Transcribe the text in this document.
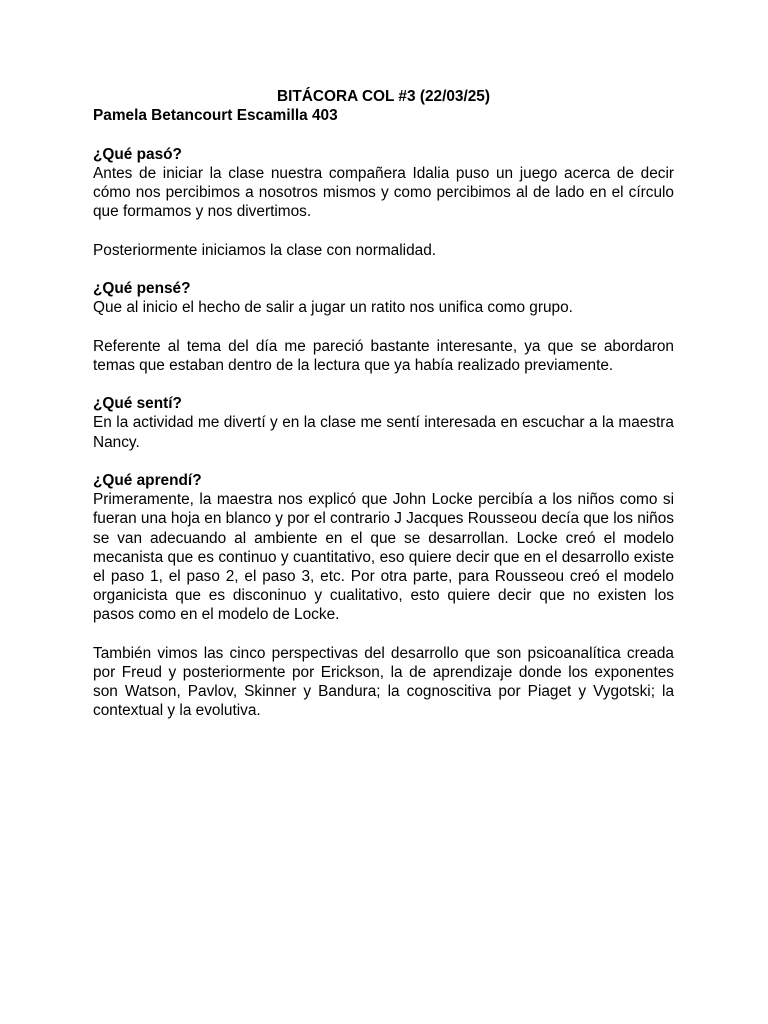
BITÁCORA COL #3 (22/03/25)
Pamela Betancourt Escamilla 403
¿Qué pasó?

Antes de iniciar la clase nuestra compañera Idalia puso un juego acerca de decir cómo nos percibimos a nosotros mismos y como percibimos al de lado en el círculo que formamos y nos divertimos.

Posteriormente iniciamos la clase con normalidad.

¿Qué pensé?

Que al inicio el hecho de salir a jugar un ratito nos unifica como grupo.

Referente al tema del día me pareció bastante interesante, ya que se abordaron temas que estaban dentro de la lectura que ya había realizado previamente.

¿Qué sentí?

En la actividad me divertí y en la clase me sentí interesada en escuchar a la maestra Nancy.

¿Qué aprendí?

Primeramente, la maestra nos explicó que John Locke percibía a los niños como si fueran una hoja en blanco y por el contrario J Jacques Rousseou decía que los niños se van adecuando al ambiente en el que se desarrollan. Locke creó el modelo mecanista que es continuo y cuantitativo, eso quiere decir que en el desarrollo existe el paso 1, el paso 2, el paso 3, etc. Por otra parte, para Rousseou creó el modelo organicista que es disconinuo y cualitativo, esto quiere decir que no existen los pasos como en el modelo de Locke.

También vimos las cinco perspectivas del desarrollo que son psicoanalítica creada por Freud y posteriormente por Erickson, la de aprendizaje donde los exponentes son Watson, Pavlov, Skinner y Bandura; la cognoscitiva por Piaget y Vygotski; la contextual y la evolutiva.
